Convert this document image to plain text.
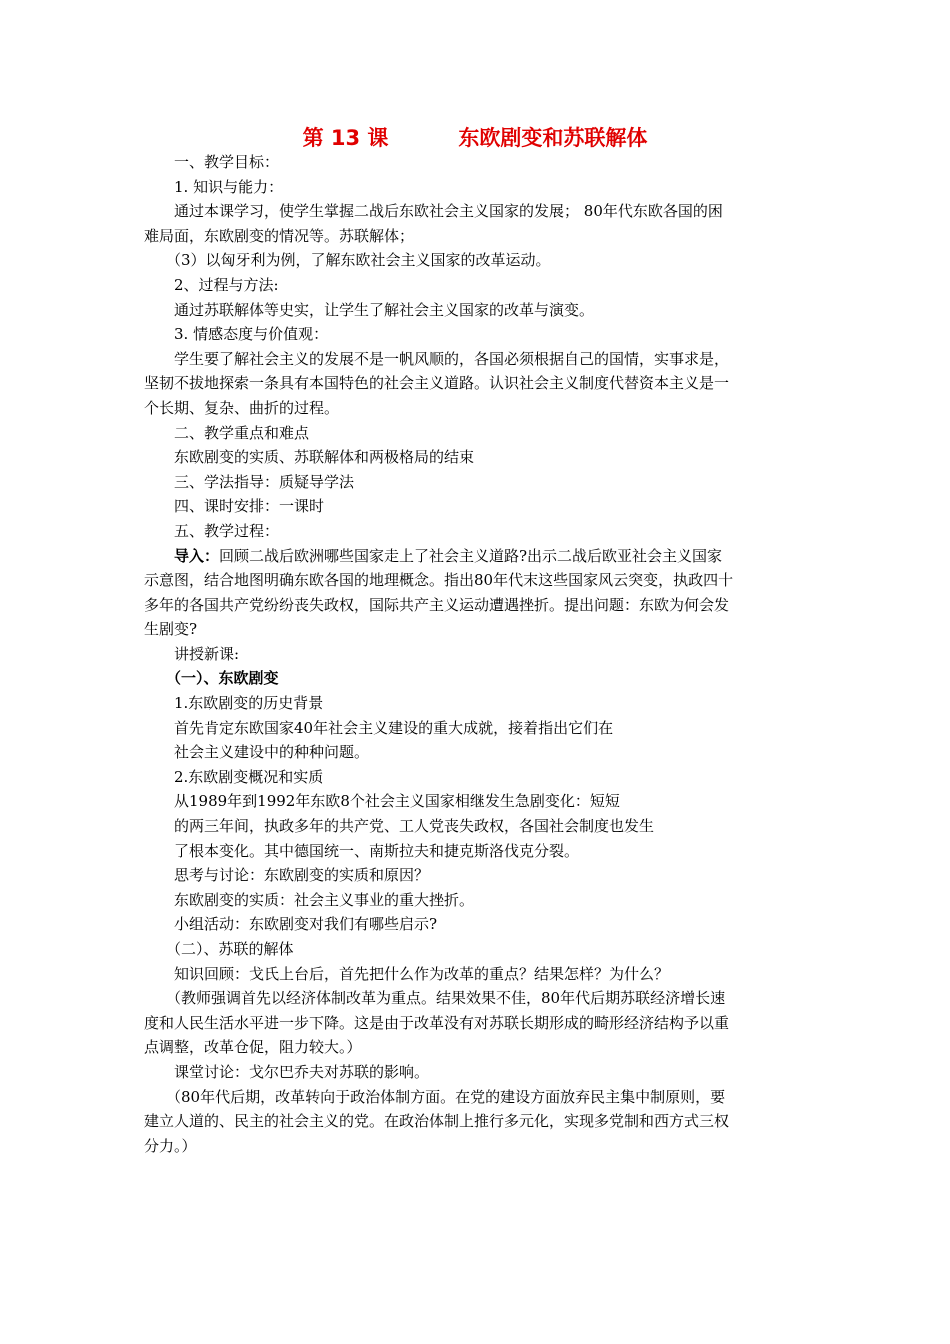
第 13 课	东欧剧变和苏联解体

一、教学目标：

1. 知识与能力：

通过本课学习，使学生掌握二战后东欧社会主义国家的发展； 80年代东欧各国的困

难局面，东欧剧变的情况等。苏联解体；

（3）以匈牙利为例，了解东欧社会主义国家的改革运动。

2、过程与方法:

通过苏联解体等史实，让学生了解社会主义国家的改革与演变。

3. 情感态度与价值观：

学生要了解社会主义的发展不是一帆风顺的，各国必须根据自己的国情，实事求是，

坚韧不拔地探索一条具有本国特色的社会主义道路。认识社会主义制度代替资本主义是一

个长期、复杂、曲折的过程。

二、教学重点和难点

东欧剧变的实质、苏联解体和两极格局的结束

三、学法指导：质疑导学法

四、课时安排：一课时

五、教学过程：

导入：回顾二战后欧洲哪些国家走上了社会主义道路?出示二战后欧亚社会主义国家

示意图，结合地图明确东欧各国的地理概念。指出80年代末这些国家风云突变，执政四十

多年的各国共产党纷纷丧失政权，国际共产主义运动遭遇挫折。提出问题：东欧为何会发

生剧变?

讲授新课:

（一）、东欧剧变

1.东欧剧变的历史背景

首先肯定东欧国家40年社会主义建设的重大成就，接着指出它们在

社会主义建设中的种种问题。

2.东欧剧变概况和实质

从1989年到1992年东欧8个社会主义国家相继发生急剧变化：短短

的两三年间，执政多年的共产党、工人党丧失政权，各国社会制度也发生

了根本变化。其中德国统一、南斯拉夫和捷克斯洛伐克分裂。

思考与讨论：东欧剧变的实质和原因？

东欧剧变的实质：社会主义事业的重大挫折。

小组活动：东欧剧变对我们有哪些启示?

（二）、苏联的解体

知识回顾：戈氏上台后，首先把什么作为改革的重点？结果怎样？为什么？

（教师强调首先以经济体制改革为重点。结果效果不佳，80年代后期苏联经济增长速

度和人民生活水平进一步下降。这是由于改革没有对苏联长期形成的畸形经济结构予以重

点调整，改革仓促，阻力较大。）

课堂讨论：戈尔巴乔夫对苏联的影响。

（80年代后期，改革转向于政治体制方面。在党的建设方面放弃民主集中制原则，要

建立人道的、民主的社会主义的党。在政治体制上推行多元化，实现多党制和西方式三权

分力。）
